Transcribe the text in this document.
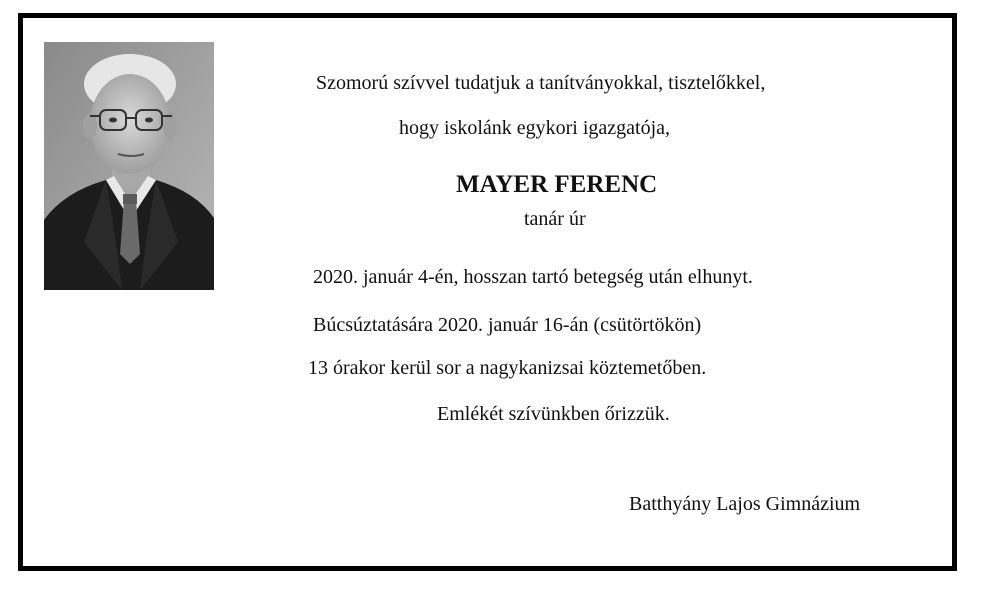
Szomorú szívvel tudatjuk a tanítványokkal, tisztelőkkel,
hogy iskolánk egykori igazgatója,
MAYER FERENC
tanár úr
2020. január 4-én, hosszan tartó betegség után elhunyt.
Búcsúztatására 2020. január 16-án (csütörtökön)
13 órakor kerül sor a nagykanizsai köztemetőben.
Emlékét szívünkben őrizzük.
Batthyány Lajos Gimnázium
